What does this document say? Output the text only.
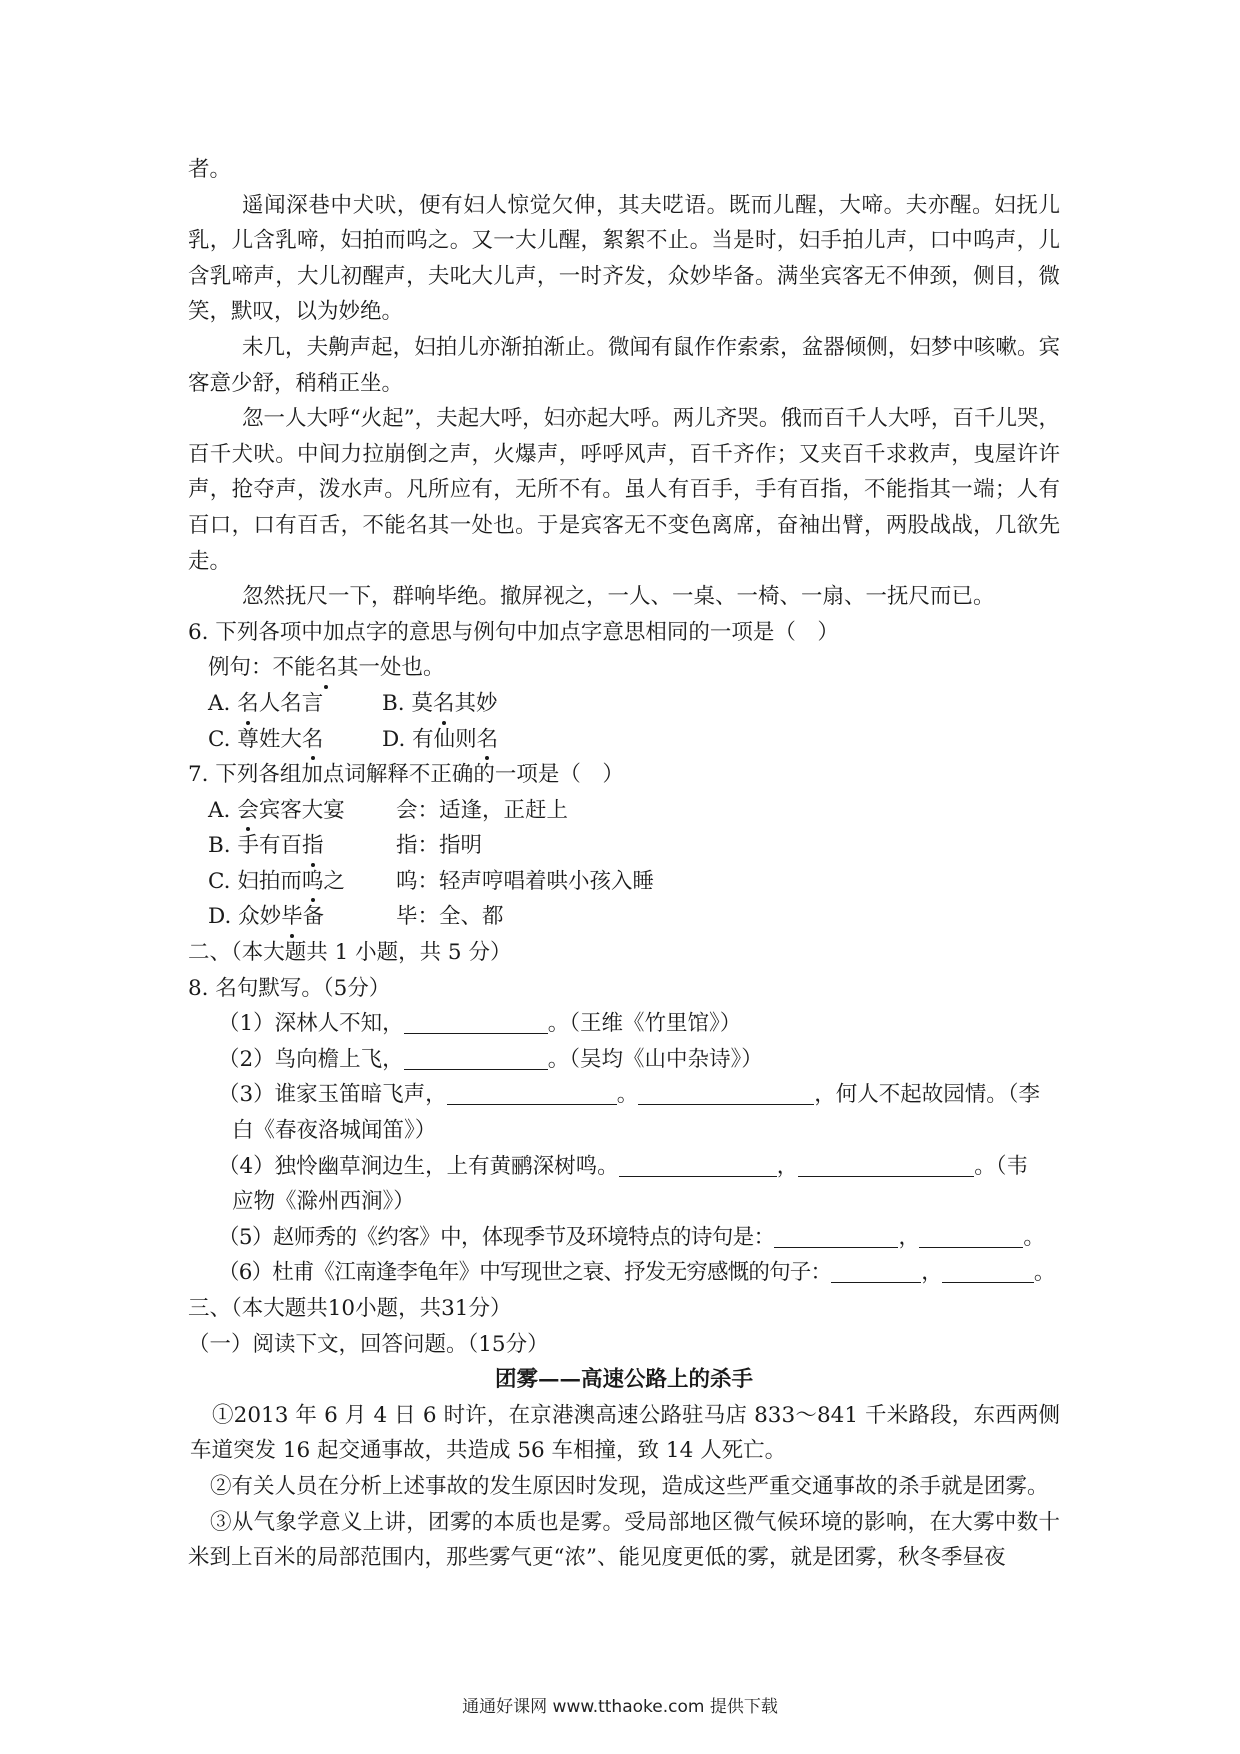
者。

遥闻深巷中犬吠，便有妇人惊觉欠伸，其夫呓语。既而儿醒，大啼。夫亦醒。妇抚儿乳，儿含乳啼，妇拍而呜之。又一大儿醒，絮絮不止。当是时，妇手拍儿声，口中呜声，儿含乳啼声，大儿初醒声，夫叱大儿声，一时齐发，众妙毕备。满坐宾客无不伸颈，侧目，微笑，默叹，以为妙绝。

未几，夫齁声起，妇拍儿亦渐拍渐止。微闻有鼠作作索索，盆器倾侧，妇梦中咳嗽。宾客意少舒，稍稍正坐。

忽一人大呼“火起”，夫起大呼，妇亦起大呼。两儿齐哭。俄而百千人大呼，百千儿哭，百千犬吠。中间力拉崩倒之声，火爆声，呼呼风声，百千齐作；又夹百千求救声，曳屋许许声，抢夺声，泼水声。凡所应有，无所不有。虽人有百手，手有百指，不能指其一端；人有百口，口有百舌，不能名其一处也。于是宾客无不变色离席，奋袖出臂，两股战战，几欲先走。

忽然抚尺一下，群响毕绝。撤屏视之，一人、一桌、一椅、一扇、一抚尺而已。

6. 下列各项中加点字的意思与例句中加点字意思相同的一项是（　）

例句：不能名其一处也。

A. 名人名言	B. 莫名其妙
C. 尊姓大名	D. 有仙则名

7. 下列各组加点词解释不正确的一项是（　）

A. 会宾客大宴	会：适逢，正赶上
B. 手有百指	指：指明
C. 妇拍而呜之	呜：轻声哼唱着哄小孩入睡
D. 众妙毕备	毕：全、都

二、（本大题共 1 小题，共 5 分）

8. 名句默写。（5分）

（1）深林人不知，	。（王维《竹里馆》）

（2）鸟向檐上飞，	。（吴均《山中杂诗》）

（3）谁家玉笛暗飞声，	。	，何人不起故园情。（李

白《春夜洛城闻笛》）

（4）独怜幽草涧边生，上有黄鹂深树鸣。	，	。（韦

应物《滁州西涧》）

（5）赵师秀的《约客》中，体现季节及环境特点的诗句是：	，	。

（6）杜甫《江南逢李龟年》中写现世之衰、抒发无穷感慨的句子：	，	。

三、（本大题共10小题，共31分）

（一）阅读下文，回答问题。（15分）

团雾——高速公路上的杀手

①2013 年 6 月 4 日 6 时许，在京港澳高速公路驻马店 833～841 千米路段，东西两侧车道突发 16 起交通事故，共造成 56 车相撞，致 14 人死亡。

②有关人员在分析上述事故的发生原因时发现，造成这些严重交通事故的杀手就是团雾。

③从气象学意义上讲，团雾的本质也是雾。受局部地区微气候环境的影响，在大雾中数十米到上百米的局部范围内，那些雾气更“浓”、能见度更低的雾，就是团雾，秋冬季昼夜

通通好课网 www.tthaoke.com 提供下载
